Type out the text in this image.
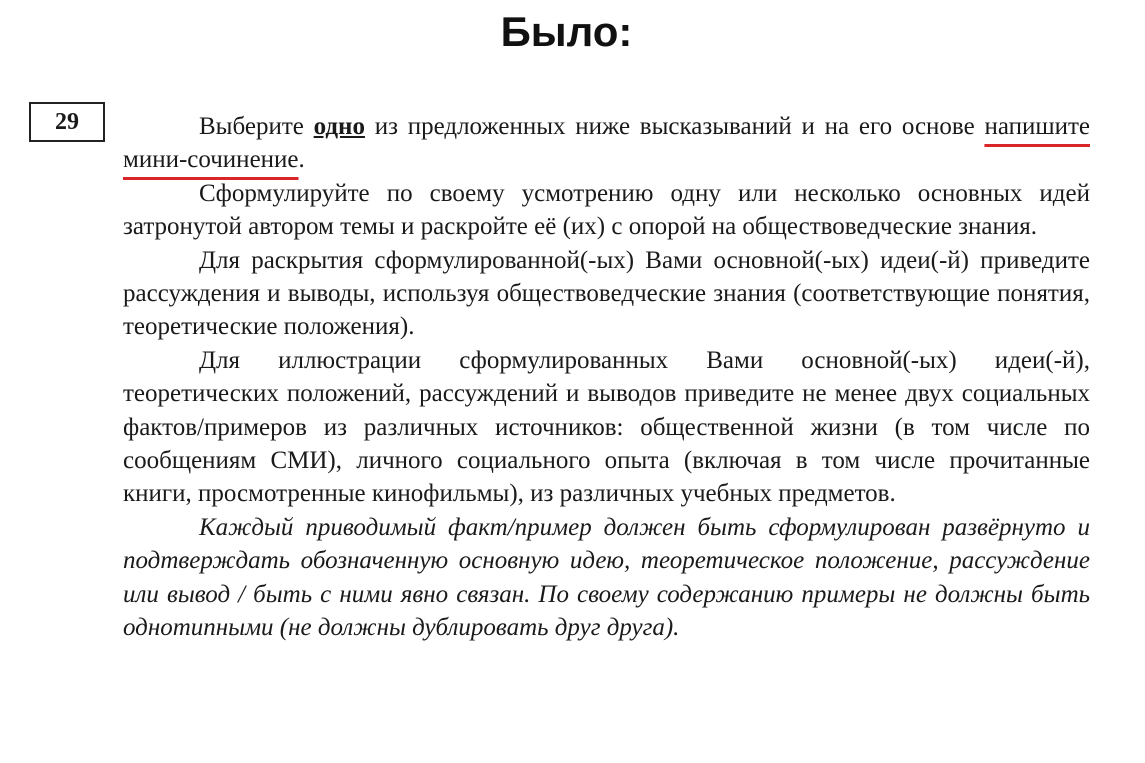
Было:
29	Выберите одно из предложенных ниже высказываний и на его основе напишите мини-сочинение.

Сформулируйте по своему усмотрению одну или несколько основных идей затронутой автором темы и раскройте её (их) с опорой на обществоведческие знания.

Для раскрытия сформулированной(-ых) Вами основной(-ых) идеи(-й) приведите рассуждения и выводы, используя обществоведческие знания (соответствующие понятия, теоретические положения).

Для иллюстрации сформулированных Вами основной(-ых) идеи(-й), теоретических положений, рассуждений и выводов приведите не менее двух социальных фактов/примеров из различных источников: общественной жизни (в том числе по сообщениям СМИ), личного социального опыта (включая в том числе прочитанные книги, просмотренные кинофильмы), из различных учебных предметов.

Каждый приводимый факт/пример должен быть сформулирован развёрнуто и подтверждать обозначенную основную идею, теоретическое положение, рассуждение или вывод / быть с ними явно связан. По своему содержанию примеры не должны быть однотипными (не должны дублировать друг друга).
